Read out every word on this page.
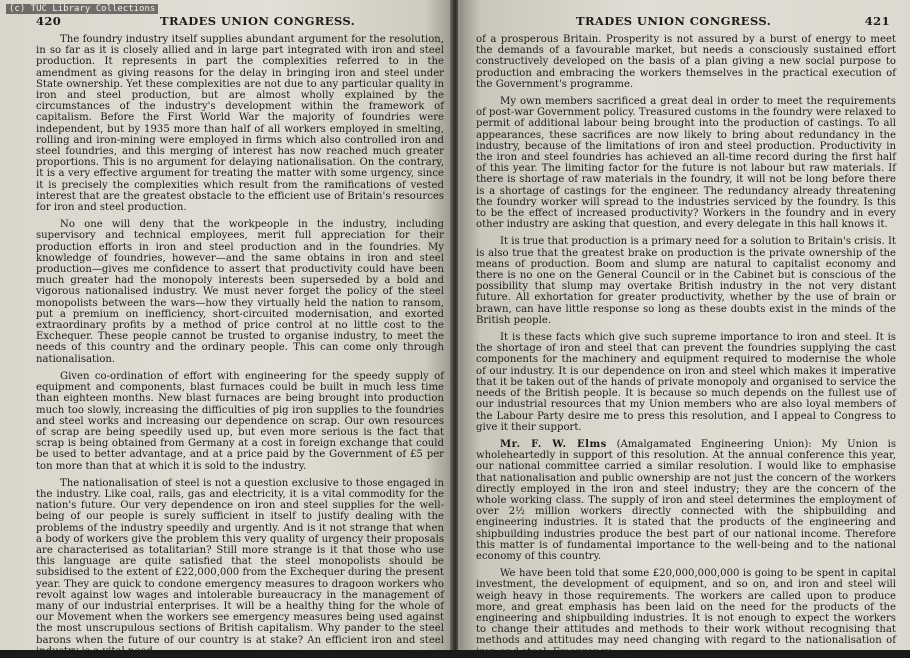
(c) TUC Library Collections
420	TRADES UNION CONGRESS.

The foundry industry itself supplies abundant argument for the resolution, in so far as it is closely allied and in large part integrated with iron and steel production. It represents in part the complexities referred to in the amendment as giving reasons for the delay in bringing iron and steel under State ownership. Yet these complexities are not due to any particular quality in iron and steel production, but are almost wholly explained by the circumstances of the industry's development within the framework of capitalism. Before the First World War the majority of foundries were independent, but by 1935 more than half of all workers employed in smelting, rolling and iron-mining were employed in firms which also controlled iron and steel foundries, and this merging of interest has now reached much greater proportions. This is no argument for delaying nationalisation. On the contrary, it is a very effective argument for treating the matter with some urgency, since it is precisely the complexities which result from the ramifications of vested interest that are the greatest obstacle to the efficient use of Britain's resources for iron and steel production.

No one will deny that the workpeople in the industry, including supervisory and technical employees, merit full appreciation for their production efforts in iron and steel production and in the foundries. My knowledge of foundries, however—and the same obtains in iron and steel production—gives me confidence to assert that productivity could have been much greater had the monopoly interests been superseded by a bold and vigorous nationalised industry. We must never forget the policy of the steel monopolists between the wars—how they virtually held the nation to ransom, put a premium on inefficiency, short-circuited modernisation, and exorted extraordinary profits by a method of price control at no little cost to the Exchequer. These people cannot be trusted to organise industry, to meet the needs of this country and the ordinary people. This can come only through nationalisation.

Given co-ordination of effort with engineering for the speedy supply of equipment and components, blast furnaces could be built in much less time than eighteen months. New blast furnaces are being brought into production much too slowly, increasing the difficulties of pig iron supplies to the foundries and steel works and increasing our dependence on scrap. Our own resources of scrap are being speedily used up, but even more serious is the fact that scrap is being obtained from Germany at a cost in foreign exchange that could be used to better advantage, and at a price paid by the Government of £5 per ton more than that at which it is sold to the industry.

The nationalisation of steel is not a question exclusive to those engaged in the industry. Like coal, rails, gas and electricity, it is a vital commodity for the nation's future. Our very dependence on iron and steel supplies for the well-being of our people is surely sufficient in itself to justify dealing with the problems of the industry speedily and urgently. And is it not strange that when a body of workers give the problem this very quality of urgency their proposals are characterised as totalitarian? Still more strange is it that those who use this language are quite satisfied that the steel monopolists should be subsidised to the extent of £22,000,000 from the Exchequer during the present year. They are quick to condone emergency measures to dragoon workers who revolt against low wages and intolerable bureaucracy in the management of many of our industrial enterprises. It will be a healthy thing for the whole of our Movement when the workers see emergency measures being used against the most unscrupulous sections of British capitalism. Why pander to the steel barons when the future of our country is at stake? An efficient iron and steel industry is a vital need

TRADES UNION CONGRESS.	421

of a prosperous Britain. Prosperity is not assured by a burst of energy to meet the demands of a favourable market, but needs a consciously sustained effort constructively developed on the basis of a plan giving a new social purpose to production and embracing the workers themselves in the practical execution of the Government's programme.

My own members sacrificed a great deal in order to meet the requirements of post-war Government policy. Treasured customs in the foundry were relaxed to permit of additional labour being brought into the production of castings. To all appearances, these sacrifices are now likely to bring about redundancy in the industry, because of the limitations of iron and steel production. Productivity in the iron and steel foundries has achieved an all-time record during the first half of this year. The limiting factor for the future is not labour but raw materials. If there is shortage of raw materials in the foundry, it will not be long before there is a shortage of castings for the engineer. The redundancy already threatening the foundry worker will spread to the industries serviced by the foundry. Is this to be the effect of increased productivity? Workers in the foundry and in every other industry are asking that question, and every delegate in this hall knows it.

It is true that production is a primary need for a solution to Britain's crisis. It is also true that the greatest brake on production is the private ownership of the means of production. Boom and slump are natural to capitalist economy and there is no one on the General Council or in the Cabinet but is conscious of the possibility that slump may overtake British industry in the not very distant future. All exhortation for greater productivity, whether by the use of brain or brawn, can have little response so long as these doubts exist in the minds of the British people.

It is these facts which give such supreme importance to iron and steel. It is the shortage of iron and steel that can prevent the foundries supplying the cast components for the machinery and equipment required to modernise the whole of our industry. It is our dependence on iron and steel which makes it imperative that it be taken out of the hands of private monopoly and organised to service the needs of the British people. It is because so much depends on the fullest use of our industrial resources that my Union members who are also loyal members of the Labour Party desire me to press this resolution, and I appeal to Congress to give it their support.

Mr. F. W. Elms (Amalgamated Engineering Union): My Union is wholeheartedly in support of this resolution. At the annual conference this year, our national committee carried a similar resolution. I would like to emphasise that nationalisation and public ownership are not just the concern of the workers directly employed in the iron and steel industry; they are the concern of the whole working class. The supply of iron and steel determines the employment of over 2½ million workers directly connected with the shipbuilding and engineering industries. It is stated that the products of the engineering and shipbuilding industries produce the best part of our national income. Therefore this matter is of fundamental importance to the well-being and to the national economy of this country.

We have been told that some £20,000,000,000 is going to be spent in capital investment, the development of equipment, and so on, and iron and steel will weigh heavy in those requirements. The workers are called upon to produce more, and great emphasis has been laid on the need for the products of the engineering and shipbuilding industries. It is not enough to expect the workers to change their attitudes and methods to their work without recognising that methods and attitudes may need changing with regard to the nationalisation of iron and steel. Emergency
